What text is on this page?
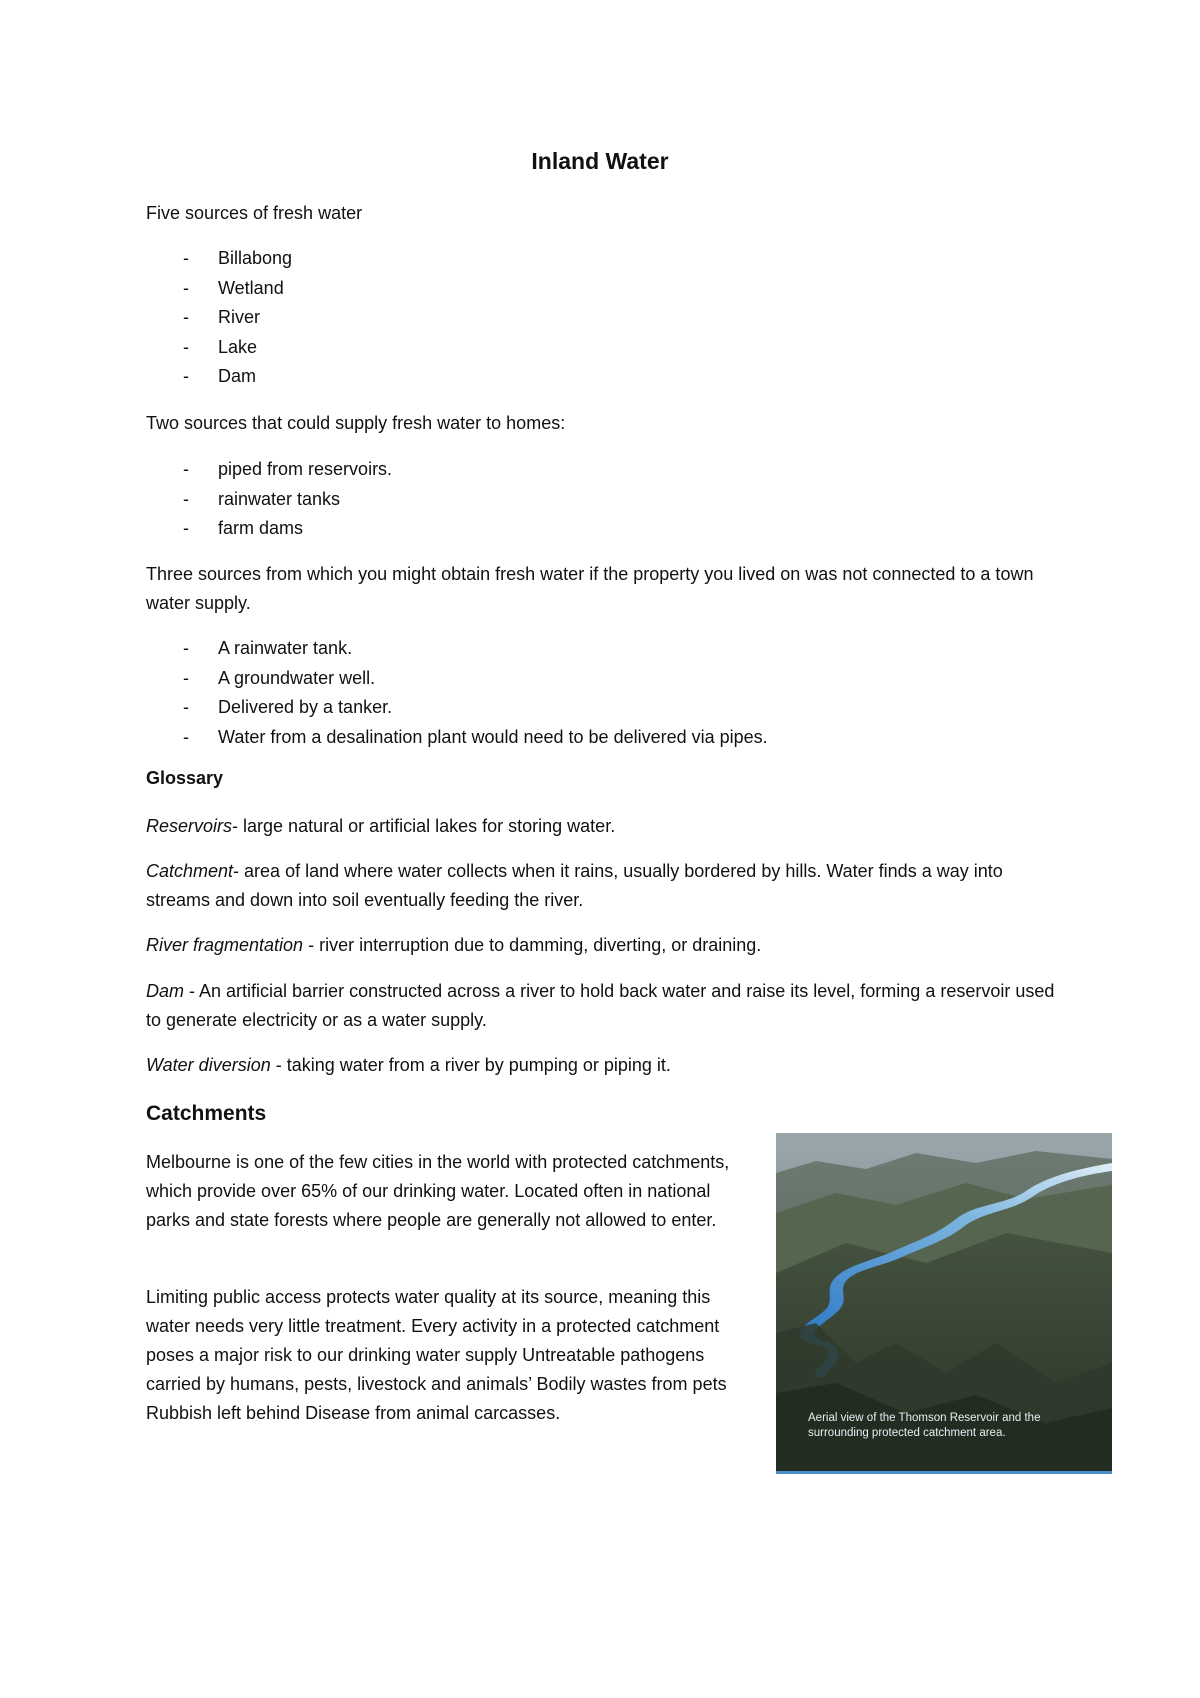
Inland Water
Five sources of fresh water
- Billabong
- Wetland
- River
- Lake
- Dam
Two sources that could supply fresh water to homes:
- piped from reservoirs.
- rainwater tanks
- farm dams
Three sources from which you might obtain fresh water if the property you lived on was not connected to a town water supply.
- A rainwater tank.
- A groundwater well.
- Delivered by a tanker.
- Water from a desalination plant would need to be delivered via pipes.
Glossary
Reservoirs- large natural or artificial lakes for storing water.
Catchment- area of land where water collects when it rains, usually bordered by hills. Water finds a way into streams and down into soil eventually feeding the river.
River fragmentation - river interruption due to damming, diverting, or draining.
Dam - An artificial barrier constructed across a river to hold back water and raise its level, forming a reservoir used to generate electricity or as a water supply.
Water diversion - taking water from a river by pumping or piping it.
Catchments
Melbourne is one of the few cities in the world with protected catchments, which provide over 65% of our drinking water. Located often in national parks and state forests where people are generally not allowed to enter.
Limiting public access protects water quality at its source, meaning this water needs very little treatment. Every activity in a protected catchment poses a major risk to our drinking water supply Untreatable pathogens carried by humans, pests, livestock and animals’ Bodily wastes from pets Rubbish left behind Disease from animal carcasses.	Aerial view of the Thomson Reservoir and the surrounding protected catchment area.
